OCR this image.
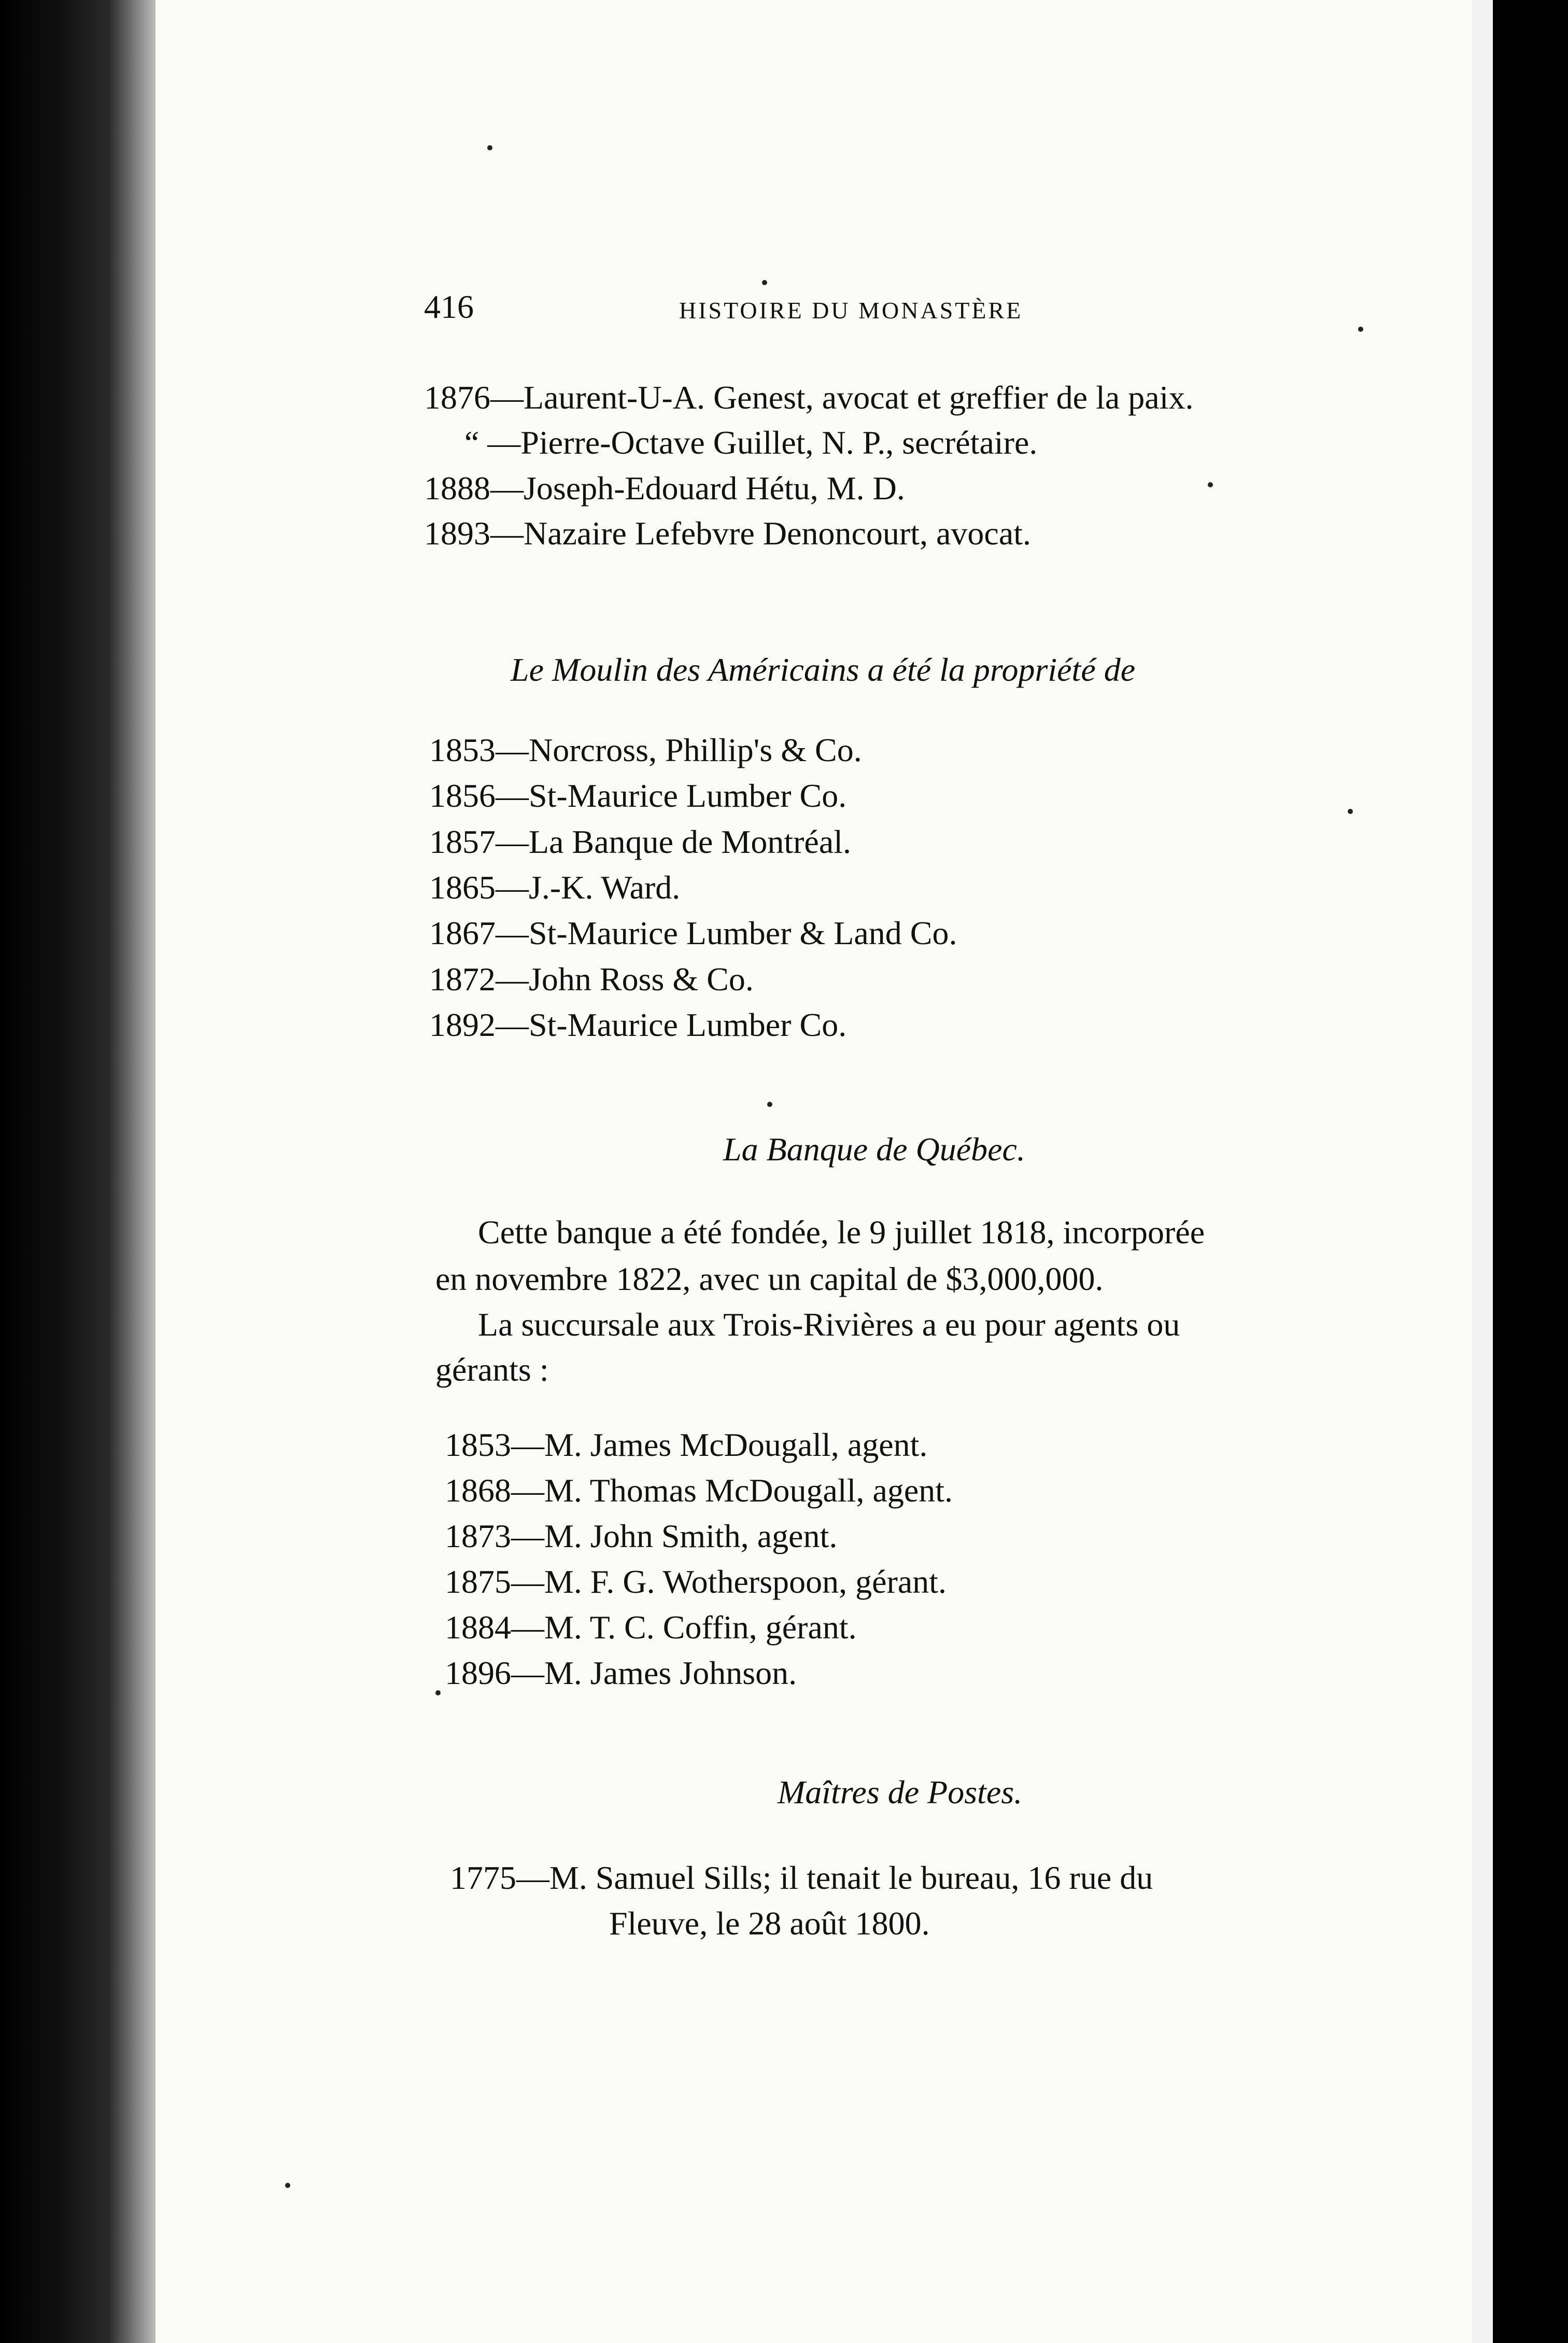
416	HISTOIRE DU MONASTÈRE
1876—Laurent-U-A. Genest, avocat et greffier de la paix.
“ —Pierre-Octave Guillet, N. P., secrétaire.
1888—Joseph-Edouard Hétu, M. D.
1893—Nazaire Lefebvre Denoncourt, avocat.
Le Moulin des Américains a été la propriété de
1853—Norcross, Phillip's & Co.
1856—St-Maurice Lumber Co.
1857—La Banque de Montréal.
1865—J.-K. Ward.
1867—St-Maurice Lumber & Land Co.
1872—John Ross & Co.
1892—St-Maurice Lumber Co.
La Banque de Québec.
Cette banque a été fondée, le 9 juillet 1818, incorporée
en novembre 1822, avec un capital de $3,000,000.
La succursale aux Trois-Rivières a eu pour agents ou
gérants :
1853—M. James McDougall, agent.
1868—M. Thomas McDougall, agent.
1873—M. John Smith, agent.
1875—M. F. G. Wotherspoon, gérant.
1884—M. T. C. Coffin, gérant.
1896—M. James Johnson.
Maîtres de Postes.
1775—M. Samuel Sills; il tenait le bureau, 16 rue du
Fleuve, le 28 août 1800.
